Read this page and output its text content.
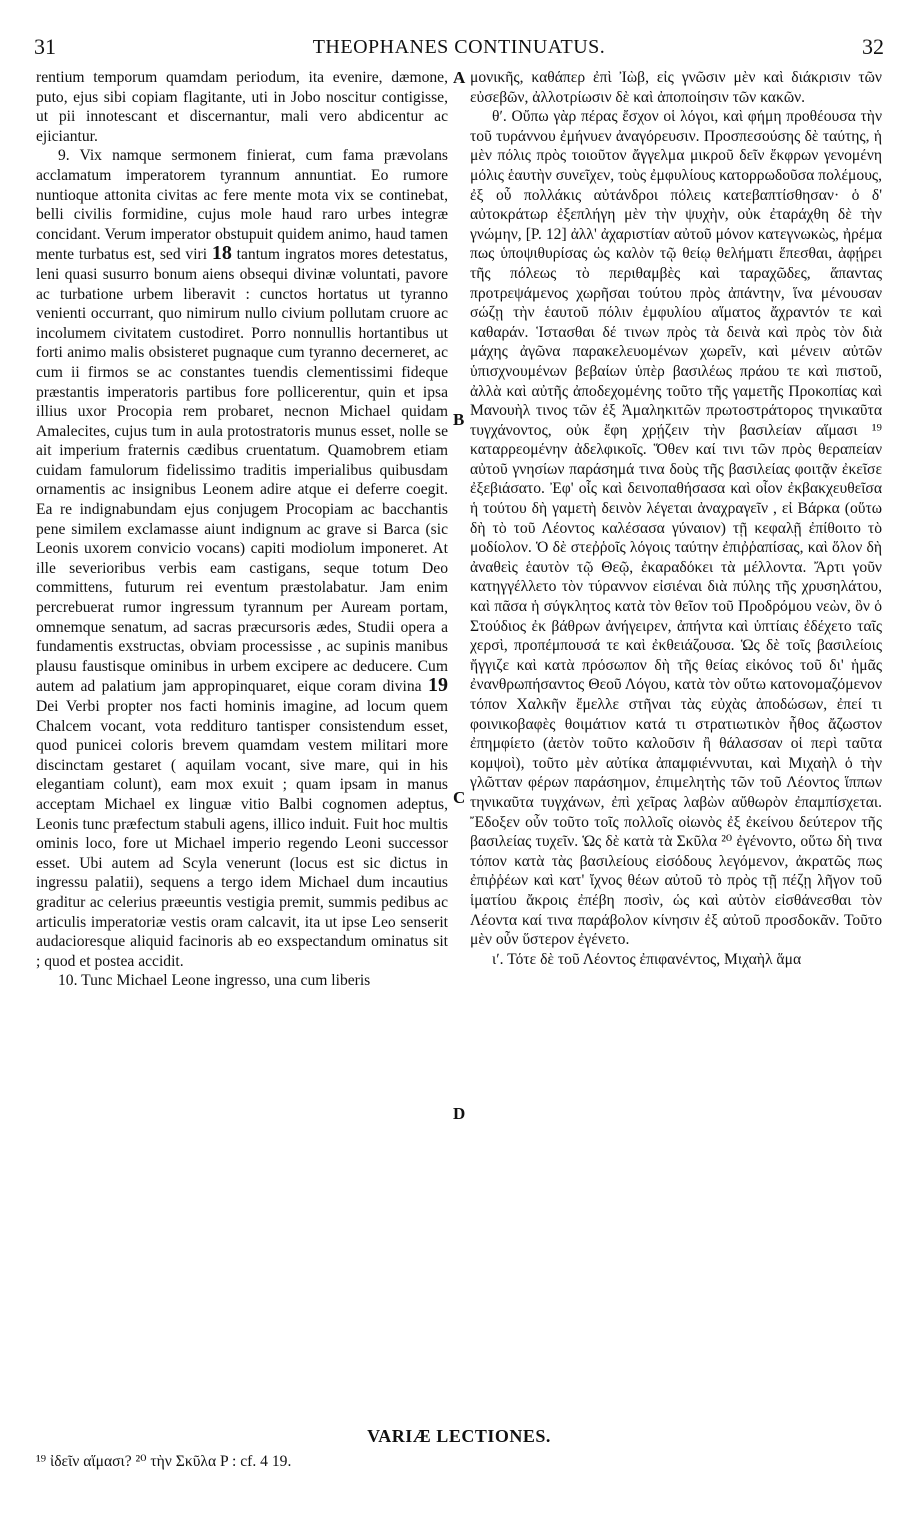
31	THEOPHANES CONTINUATUS.	32

rentium temporum quamdam periodum, ita evenire, dæmone, puto, ejus sibi copiam flagitante, uti in Jobo noscitur contigisse, ut pii innotescant et discernantur, mali vero abdicentur ac ejiciantur.

9. Vix namque sermonem finierat, cum fama prævolans acclamatum imperatorem tyrannum annuntiat. Eo rumore nuntioque attonita civitas ac fere mente mota vix se continebat, belli civilis formidine, cujus mole haud raro urbes integræ concidant. Verum imperator obstupuit quidem animo, haud tamen mente turbatus est, sed viri 18 tantum ingratos mores detestatus, leni quasi susurro bonum aiens obsequi divinæ voluntati, pavore ac turbatione urbem liberavit : cunctos hortatus ut tyranno venienti occurrant, quo nimirum nullo civium pollutam cruore ac incolumem civitatem custodiret. Porro nonnullis hortantibus ut forti animo malis obsisteret pugnaque cum tyranno decerneret, ac cum ii firmos se ac constantes tuendis clementissimi fideque præstantis imperatoris partibus fore pollicerentur, quin et ipsa illius uxor Procopia rem probaret, necnon Michael quidam Amalecites, cujus tum in aula protostratoris munus esset, nolle se ait imperium fraternis cædibus cruentatum. Quamobrem etiam cuidam famulorum fidelissimo traditis imperialibus quibusdam ornamentis ac insignibus Leonem adire atque ei deferre coegit. Ea re indignabundam ejus conjugem Procopiam ac bacchantis pene similem exclamasse aiunt indignum ac grave si Barca (sic Leonis uxorem convicio vocans) capiti modiolum imponeret. At ille severioribus verbis eam castigans, seque totum Deo committens, futurum rei eventum præstolabatur. Jam enim percrebuerat rumor ingressum tyrannum per Auream portam, omnemque senatum, ad sacras præcursoris ædes, Studii opera a fundamentis exstructas, obviam processisse , ac supinis manibus plausu faustisque ominibus in urbem excipere ac deducere. Cum autem ad palatium jam appropinquaret, eique coram divina 19 Dei Verbi propter nos facti hominis imagine, ad locum quem Chalcem vocant, vota reddituro tantisper consistendum esset, quod punicei coloris brevem quamdam vestem militari more discinctam gestaret ( aquilam vocant, sive mare, qui in his elegantiam colunt), eam mox exuit ; quam ipsam in manus acceptam Michael ex linguæ vitio Balbi cognomen adeptus, Leonis tunc præfectum stabuli agens, illico induit. Fuit hoc multis ominis loco, fore ut Michael imperio regendo Leoni successor esset. Ubi autem ad Scyla venerunt (locus est sic dictus in ingressu palatii), sequens a tergo idem Michael dum incautius graditur ac celerius præeuntis vestigia premit, summis pedibus ac articulis imperatoriæ vestis oram calcavit, ita ut ipse Leo senserit audacioresque aliquid facinoris ab eo exspectandum ominatus sit ; quod et postea accidit.

10. Tunc Michael Leone ingresso, una cum liberis

A
B
C
D

μονικῆς, καθάπερ ἐπὶ Ἰὼβ, εἰς γνῶσιν μὲν καὶ διάκρισιν τῶν εὐσεβῶν, ἀλλοτρίωσιν δὲ καὶ ἀποποίησιν τῶν κακῶν.

θʹ. Οὔπω γὰρ πέρας ἔσχον οἱ λόγοι, καὶ φήμη προθέουσα τὴν τοῦ τυράννου ἐμήνυεν ἀναγόρευσιν. Προσπεσούσης δὲ ταύτης, ἡ μὲν πόλις πρὸς τοιοῦτον ἄγγελμα μικροῦ δεῖν ἔκφρων γενομένη μόλις ἑαυτὴν συνεῖχεν, τοὺς ἐμφυλίους κατορρωδοῦσα πολέμους, ἐξ οὗ πολλάκις αὐτάνδροι πόλεις κατεβαπτίσθησαν· ὁ δ' αὐτοκράτωρ ἐξεπλήγη μὲν τὴν ψυχὴν, οὐκ ἐταράχθη δὲ τὴν γνώμην, [P. 12] ἀλλ' ἀχαριστίαν αὐτοῦ μόνον κατεγνωκὼς, ἠρέμα πως ὑποψιθυρίσας ὡς καλὸν τῷ θείῳ θελήματι ἕπεσθαι, ἀφῄρει τῆς πόλεως τὸ περιθαμβὲς καὶ ταραχῶδες, ἅπαντας προτρεψάμενος χωρῆσαι τούτου πρὸς ἀπάντην, ἵνα μένουσαν σώζῃ τὴν ἑαυτοῦ πόλιν ἐμφυλίου αἵματος ἄχραντόν τε καὶ καθαράν. Ἱστασθαι δέ τινων πρὸς τὰ δεινὰ καὶ πρὸς τὸν διὰ μάχης ἀγῶνα παρακελευομένων χωρεῖν, καὶ μένειν αὐτῶν ὑπισχνουμένων βεβαίων ὑπὲρ βασιλέως πράου τε καὶ πιστοῦ, ἀλλὰ καὶ αὐτῆς ἀποδεχομένης τοῦτο τῆς γαμετῆς Προκοπίας καὶ Μανουὴλ τινος τῶν ἐξ Ἀμαληκιτῶν πρωτοστράτορος τηνικαῦτα τυγχάνοντος, οὐκ ἔφη χρῄζειν τὴν βασιλείαν αἵμασι ¹⁹ καταρρεομένην ἀδελφικοῖς. Ὅθεν καί τινι τῶν πρὸς θεραπείαν αὐτοῦ γνησίων παράσημά τινα δοὺς τῆς βασιλείας φοιτᾷν ἐκεῖσε ἐξεβιάσατο. Ἐφ' οἷς καὶ δεινοπαθήσασα καὶ οἷον ἐκβακχευθεῖσα ἡ τούτου δὴ γαμετὴ δεινὸν λέγεται ἀναχραγεῖν , εἰ Βάρκα (οὕτω δὴ τὸ τοῦ Λέοντος καλέσασα γύναιον) τῇ κεφαλῇ ἐπίθοιτο τὸ μοδίολον. Ὁ δὲ στεῤῥοῖς λόγοις ταύτην ἐπιῤῥαπίσας, καὶ ὅλον δὴ ἀναθεὶς ἑαυτὸν τῷ Θεῷ, ἐκαραδόκει τὰ μέλλοντα. Ἄρτι γοῦν κατηγγέλλετο τὸν τύραννον εἰσιέναι διὰ πύλης τῆς χρυσηλάτου, καὶ πᾶσα ἡ σύγκλητος κατὰ τὸν θεῖον τοῦ Προδρόμου νεὼν, ὃν ὁ Στούδιος ἐκ βάθρων ἀνήγειρεν, ἀπήντα καὶ ὑπτίαις ἐδέχετο ταῖς χερσὶ, προπέμπουσά τε καὶ ἐκθειάζουσα. Ὡς δὲ τοῖς βασιλείοις ἤγγιζε καὶ κατὰ πρόσωπον δὴ τῆς θείας εἰκόνος τοῦ δι' ἡμᾶς ἐνανθρωπήσαντος Θεοῦ Λόγου, κατὰ τὸν οὕτω κατονομαζόμενον τόπον Χαλκῆν ἔμελλε στῆναι τὰς εὐχὰς ἀποδώσων, ἐπεί τι φοινικοβαφὲς θοιμάτιον κατά τι στρατιωτικὸν ἦθος ἄζωστον ἐπημφίετο (ἀετὸν τοῦτο καλοῦσιν ἢ θάλασσαν οἱ περὶ ταῦτα κομψοὶ), τοῦτο μὲν αὐτίκα ἀπαμφιέννυται, καὶ Μιχαὴλ ὁ τὴν γλῶτταν φέρων παράσημον, ἐπιμελητὴς τῶν τοῦ Λέοντος ἵππων τηνικαῦτα τυγχάνων, ἐπὶ χεῖρας λαβὼν αὔθωρὸν ἐπαμπίσχεται. Ἔδοξεν οὖν τοῦτο τοῖς πολλοῖς οἰωνὸς ἐξ ἐκείνου δεύτερον τῆς βασιλείας τυχεῖν. Ὡς δὲ κατὰ τὰ Σκῦλα ²⁰ ἐγένοντο, οὕτω δὴ τινα τόπον κατὰ τὰς βασιλείους εἰσόδους λεγόμενον, ἀκρατῶς πως ἐπιῤῥέων καὶ κατ' ἴχνος θέων αὐτοῦ τὸ πρὸς τῇ πέζῃ λῆγον τοῦ ἱματίου ἄκροις ἐπέβη ποσὶν, ὡς καὶ αὐτὸν εἰσθάνεσθαι τὸν Λέοντα καί τινα παράβολον κίνησιν ἐξ αὐτοῦ προσδοκᾶν. Τοῦτο μὲν οὖν ὕστερον ἐγένετο.

ιʹ. Τότε δὲ τοῦ Λέοντος ἐπιφανέντος, Μιχαὴλ ἅμα

VARIÆ LECTIONES.
¹⁹ ἰδεῖν αἵμασι? ²⁰ τὴν Σκῦλα P : cf. 4 19.
